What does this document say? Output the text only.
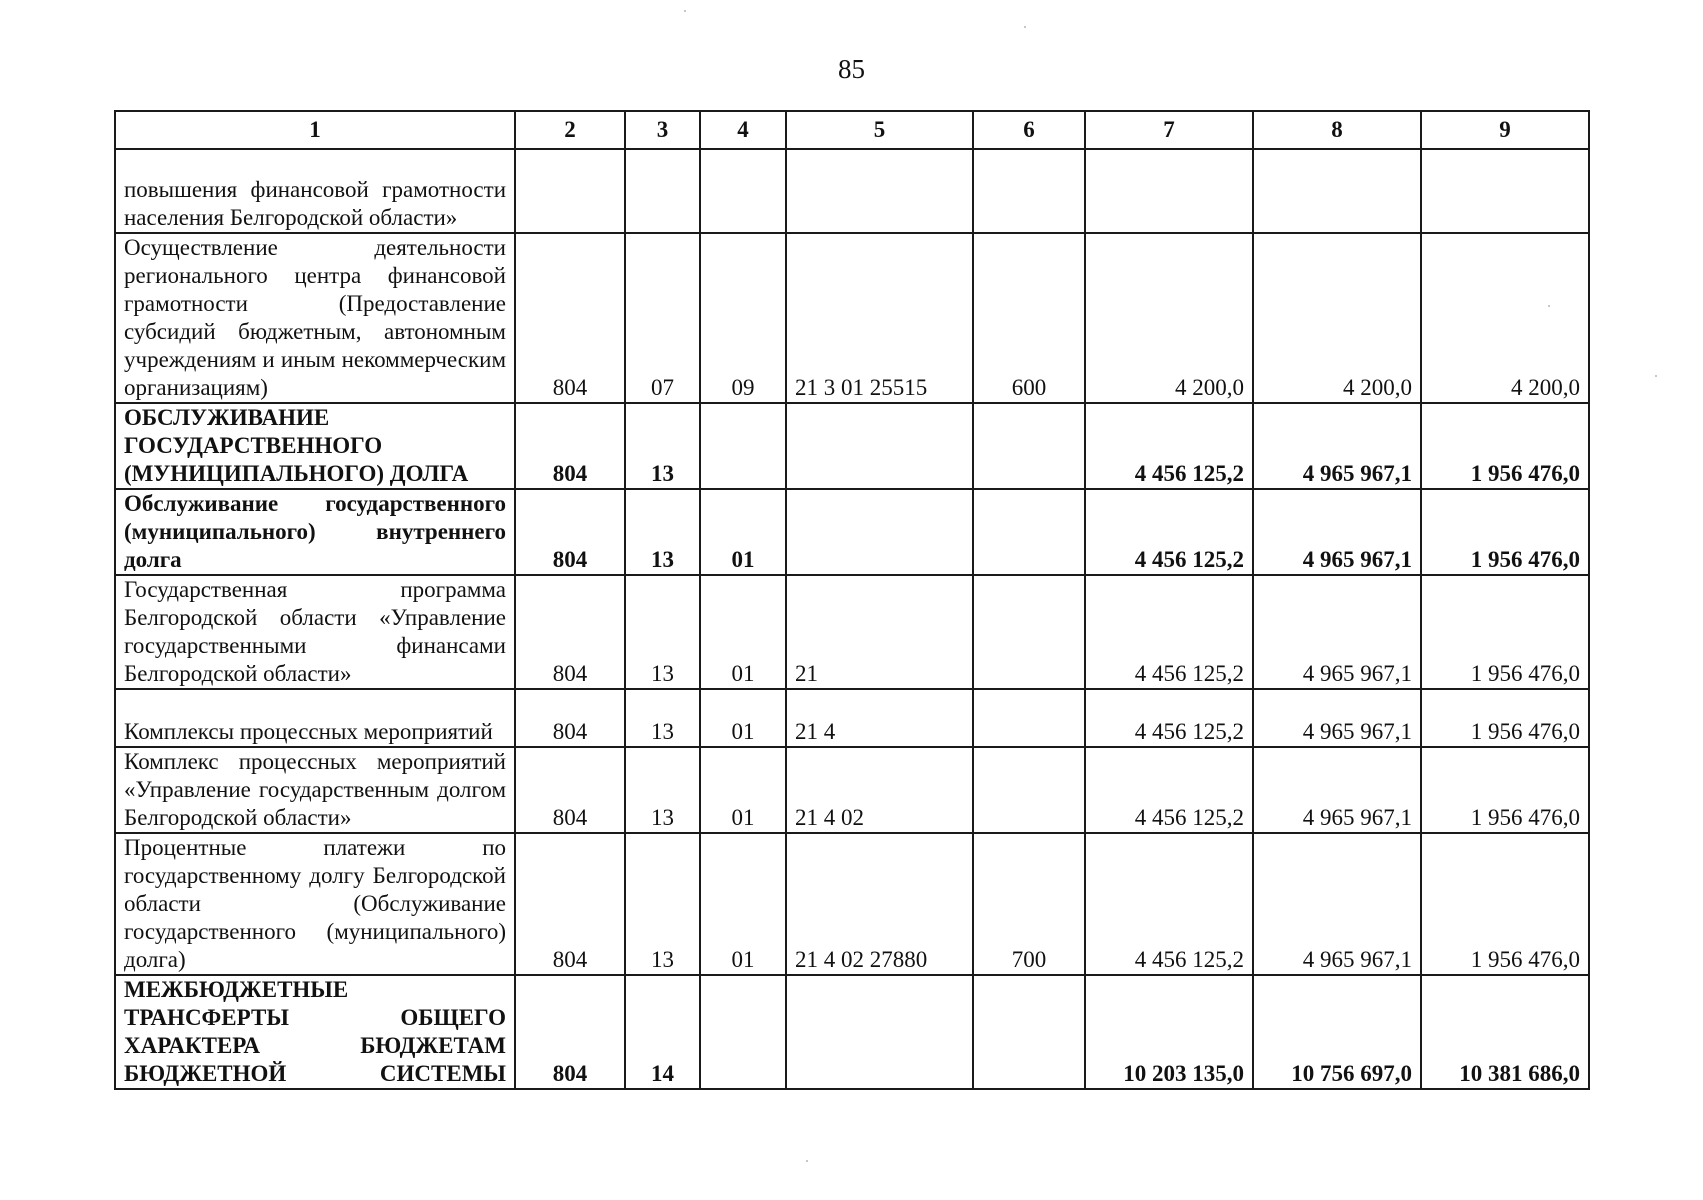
85
1	2	3	4	5	6	7	8	9
повышения финансовой грамотности населения Белгородской области»								
Осуществление деятельности регионального центра финансовой грамотности (Предоставление субсидий бюджетным, автономным учреждениям и иным некоммерческим организациям)	804	07	09	21 3 01 25515	600	4 200,0	4 200,0	4 200,0
ОБСЛУЖИВАНИЕ ГОСУДАРСТВЕННОГО (МУНИЦИПАЛЬНОГО) ДОЛГА	804	13				4 456 125,2	4 965 967,1	1 956 476,0
Обслуживание государственного (муниципального) внутреннего долга	804	13	01			4 456 125,2	4 965 967,1	1 956 476,0
Государственная программа Белгородской области «Управление государственными финансами Белгородской области»	804	13	01	21		4 456 125,2	4 965 967,1	1 956 476,0
Комплексы процессных мероприятий	804	13	01	21 4		4 456 125,2	4 965 967,1	1 956 476,0
Комплекс процессных мероприятий «Управление государственным долгом Белгородской области»	804	13	01	21 4 02		4 456 125,2	4 965 967,1	1 956 476,0
Процентные платежи по государственному долгу Белгородской области (Обслуживание государственного (муниципального) долга)	804	13	01	21 4 02 27880	700	4 456 125,2	4 965 967,1	1 956 476,0
МЕЖБЮДЖЕТНЫЕ ТРАНСФЕРТЫ ОБЩЕГО ХАРАКТЕРА БЮДЖЕТАМ БЮДЖЕТНОЙ СИСТЕМЫ	804	14				10 203 135,0	10 756 697,0	10 381 686,0
